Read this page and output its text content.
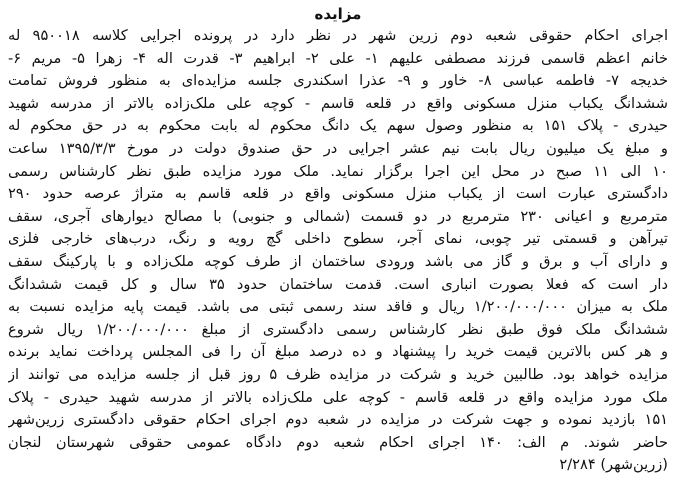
مزایده
اجرای احکام حقوقی شعبه دوم زرین شهر در نظر دارد در پرونده اجرایی کلاسه ۹۵۰۰۱۸ له
خانم اعظم قاسمی فرزند مصطفی علیهم ۱- علی ۲- ابراهیم ۳- قدرت اله ۴- زهرا ۵- مریم ۶-
خدیجه ۷- فاطمه عباسی ۸- خاور و ۹- عذرا اسکندری جلسه مزایده‌ای به منظور فروش تمامت
ششدانگ یکباب منزل مسکونی واقع در قلعه قاسم - کوچه علی ملک‌زاده بالاتر از مدرسه شهید
حیدری - پلاک ۱۵۱ به منظور وصول سهم یک دانگ محکوم له بابت محکوم به در حق محکوم له
و مبلغ یک میلیون ریال بابت نیم عشر اجرایی در حق صندوق دولت در مورخ ۱۳۹۵/۳/۳ ساعت
۱۰ الی ۱۱ صبح در محل این اجرا برگزار نماید. ملک مورد مزایده طبق نظر کارشناس رسمی
دادگستری عبارت است از یکباب منزل مسکونی واقع در قلعه قاسم به متراژ عرصه حدود ۲۹۰
مترمربع و اعیانی ۲۳۰ مترمربع در دو قسمت (شمالی و جنوبی) با مصالح دیوارهای آجری، سقف
تیرآهن و قسمتی تیر چوبی، نمای آجر، سطوح داخلی گچ رویه و رنگ، درب‌های خارجی فلزی
و دارای آب و برق و گاز می باشد ورودی ساختمان از طرف کوچه ملک‌زاده و با پارکینگ سقف
دار است که فعلا بصورت انباری است. قدمت ساختمان حدود ۳۵ سال و کل قیمت ششدانگ
ملک به میزان ۱/۲۰۰/۰۰۰/۰۰۰ ریال و فاقد سند رسمی ثبتی می باشد. قیمت پایه مزایده نسبت به
ششدانگ ملک فوق طبق نظر کارشناس رسمی دادگستری از مبلغ ۱/۲۰۰/۰۰۰/۰۰۰ ریال شروع
و هر کس بالاترین قیمت خرید را پیشنهاد و ده درصد مبلغ آن را فی المجلس پرداخت نماید برنده
مزایده خواهد بود. طالبین خرید و شرکت در مزایده ظرف ۵ روز قبل از جلسه مزایده می توانند از
ملک مورد مزایده واقع در قلعه قاسم - کوچه علی ملک‌زاده بالاتر از مدرسه شهید حیدری - پلاک
۱۵۱ بازدید نموده و جهت شرکت در مزایده در شعبه دوم اجرای احکام حقوقی دادگستری زرین‌شهر
حاضر شوند. م الف: ۱۴۰ اجرای احکام شعبه دوم دادگاه عمومی حقوقی شهرستان لنجان
(زرین‌شهر) ۲/۲۸۴
